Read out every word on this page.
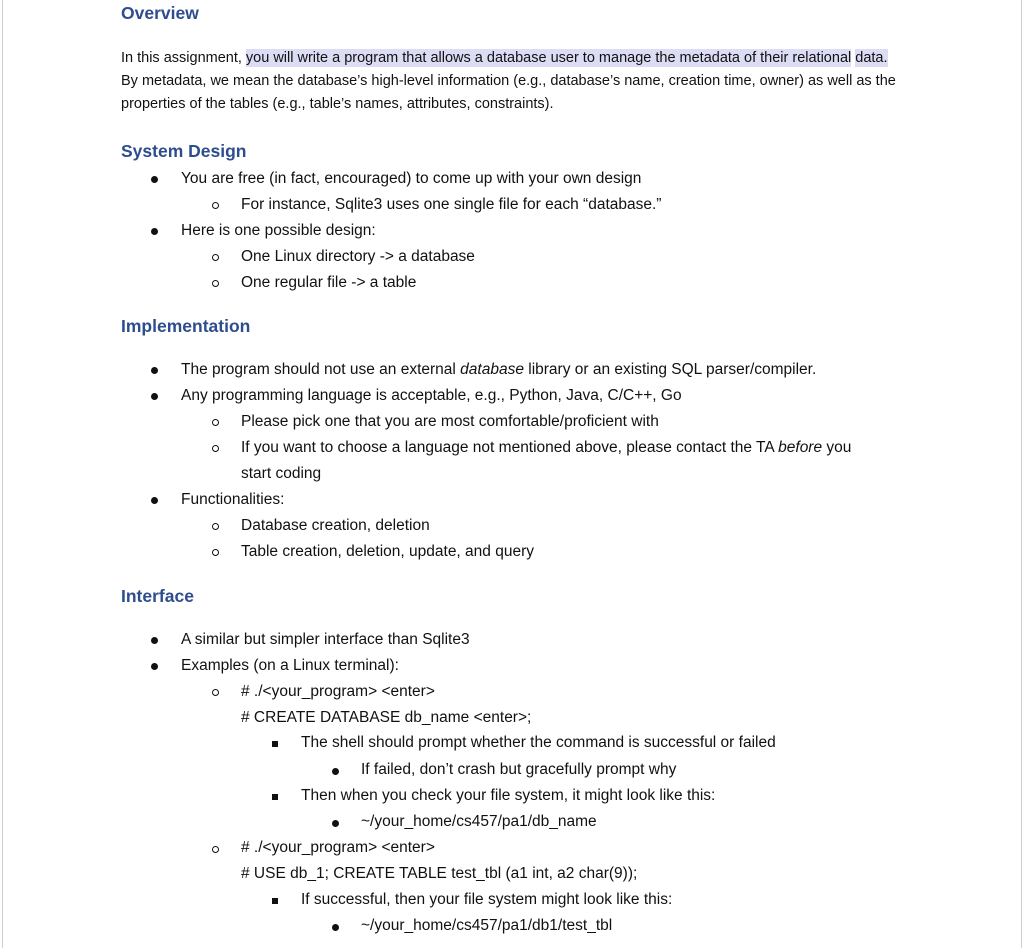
Overview
In this assignment, you will write a program that allows a database user to manage the metadata of their relational data. By metadata, we mean the database’s high-level information (e.g., database’s name, creation time, owner) as well as the properties of the tables (e.g., table’s names, attributes, constraints).
System Design
You are free (in fact, encouraged) to come up with your own design
For instance, Sqlite3 uses one single file for each “database.”
Here is one possible design:
One Linux directory -> a database
One regular file -> a table
Implementation
The program should not use an external database library or an existing SQL parser/compiler.
Any programming language is acceptable, e.g., Python, Java, C/C++, Go
Please pick one that you are most comfortable/proficient with
If you want to choose a language not mentioned above, please contact the TA before you
start coding
Functionalities:
Database creation, deletion
Table creation, deletion, update, and query
Interface
A similar but simpler interface than Sqlite3
Examples (on a Linux terminal):
# ./<your_program> <enter>
# CREATE DATABASE db_name <enter>;
The shell should prompt whether the command is successful or failed
If failed, don’t crash but gracefully prompt why
Then when you check your file system, it might look like this:
~/your_home/cs457/pa1/db_name
# ./<your_program> <enter>
# USE db_1; CREATE TABLE test_tbl (a1 int, a2 char(9));
If successful, then your file system might look like this:
~/your_home/cs457/pa1/db1/test_tbl
